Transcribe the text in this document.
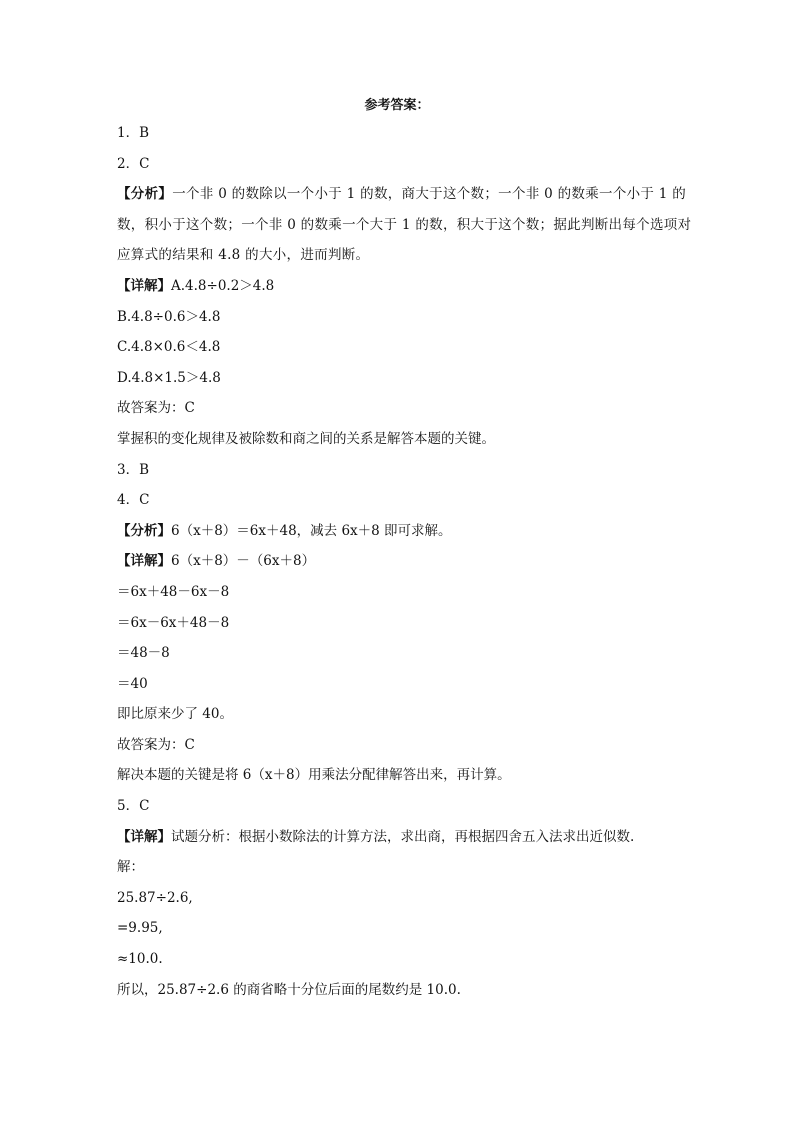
参考答案：

1．B

2．C

【分析】一个非 0 的数除以一个小于 1 的数，商大于这个数；一个非 0 的数乘一个小于 1 的数，积小于这个数；一个非 0 的数乘一个大于 1 的数，积大于这个数；据此判断出每个选项对应算式的结果和 4.8 的大小，进而判断。

【详解】A.4.8÷0.2＞4.8

B.4.8÷0.6＞4.8

C.4.8×0.6＜4.8

D.4.8×1.5＞4.8

故答案为：C

掌握积的变化规律及被除数和商之间的关系是解答本题的关键。

3．B

4．C

【分析】6（x＋8）＝6x＋48，减去 6x＋8 即可求解。

【详解】6（x＋8）－（6x＋8）

＝6x＋48－6x－8

＝6x－6x＋48－8

＝48－8

＝40

即比原来少了 40。

故答案为：C

解决本题的关键是将 6（x＋8）用乘法分配律解答出来，再计算。

5．C

【详解】试题分析：根据小数除法的计算方法，求出商，再根据四舍五入法求出近似数.

解：

25.87÷2.6,

=9.95,

≈10.0.

所以，25.87÷2.6 的商省略十分位后面的尾数约是 10.0.
